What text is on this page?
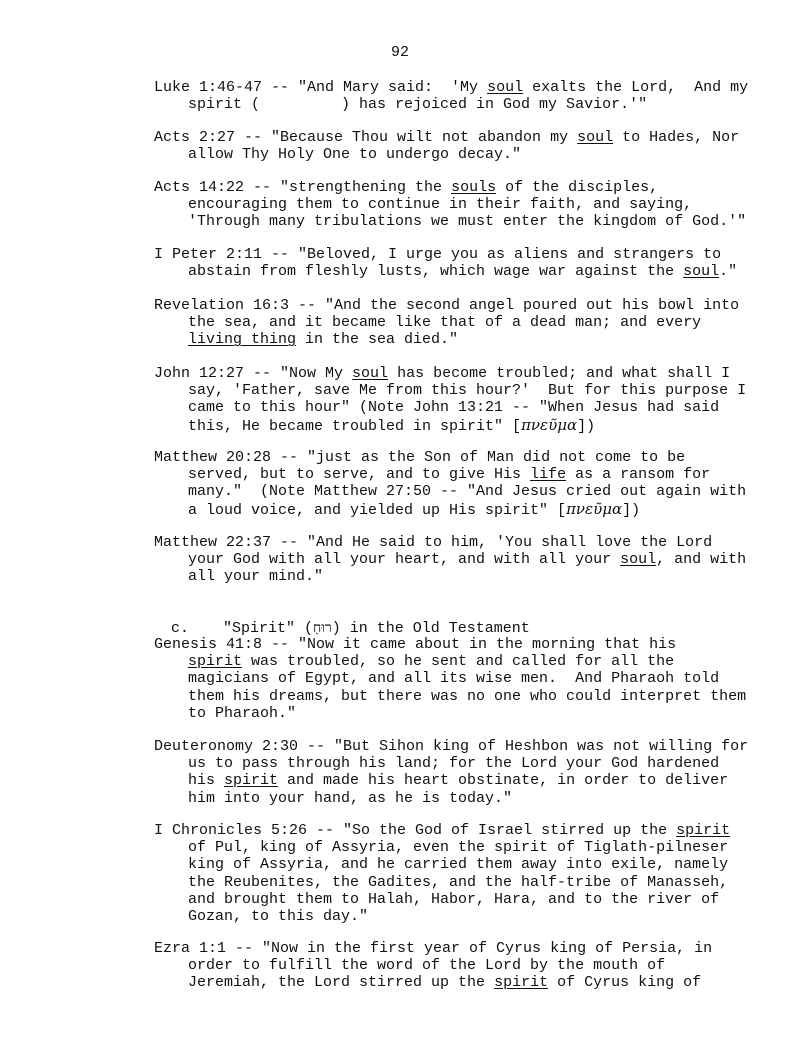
92
Luke 1:46-47 -- "And Mary said:  'My soul exalts the Lord,  And my
spirit (         ) has rejoiced in God my Savior.'"
Acts 2:27 -- "Because Thou wilt not abandon my soul to Hades, Nor
allow Thy Holy One to undergo decay."
Acts 14:22 -- "strengthening the souls of the disciples,
encouraging them to continue in their faith, and saying,
'Through many tribulations we must enter the kingdom of God.'"
I Peter 2:11 -- "Beloved, I urge you as aliens and strangers to
abstain from fleshly lusts, which wage war against the soul."
Revelation 16:3 -- "And the second angel poured out his bowl into
the sea, and it became like that of a dead man; and every
living thing in the sea died."
John 12:27 -- "Now My soul has become troubled; and what shall I
say, 'Father, save Me from this hour?'  But for this purpose I
came to this hour" (Note John 13:21 -- "When Jesus had said
this, He became troubled in spirit" [πνεῦμα])
Matthew 20:28 -- "just as the Son of Man did not come to be
served, but to serve, and to give His life as a ransom for
many."  (Note Matthew 27:50 -- "And Jesus cried out again with
a loud voice, and yielded up His spirit" [πνεῦμα])
Matthew 22:37 -- "And He said to him, 'You shall love the Lord
your God with all your heart, and with all your soul, and with
all your mind."

c. "Spirit" (רוּחַ) in the Old Testament

Genesis 41:8 -- "Now it came about in the morning that his
spirit was troubled, so he sent and called for all the
magicians of Egypt, and all its wise men.  And Pharaoh told
them his dreams, but there was no one who could interpret them
to Pharaoh."
Deuteronomy 2:30 -- "But Sihon king of Heshbon was not willing for
us to pass through his land; for the Lord your God hardened
his spirit and made his heart obstinate, in order to deliver
him into your hand, as he is today."
I Chronicles 5:26 -- "So the God of Israel stirred up the spirit
of Pul, king of Assyria, even the spirit of Tiglath-pilneser
king of Assyria, and he carried them away into exile, namely
the Reubenites, the Gadites, and the half-tribe of Manasseh,
and brought them to Halah, Habor, Hara, and to the river of
Gozan, to this day."
Ezra 1:1 -- "Now in the first year of Cyrus king of Persia, in
order to fulfill the word of the Lord by the mouth of
Jeremiah, the Lord stirred up the spirit of Cyrus king of
